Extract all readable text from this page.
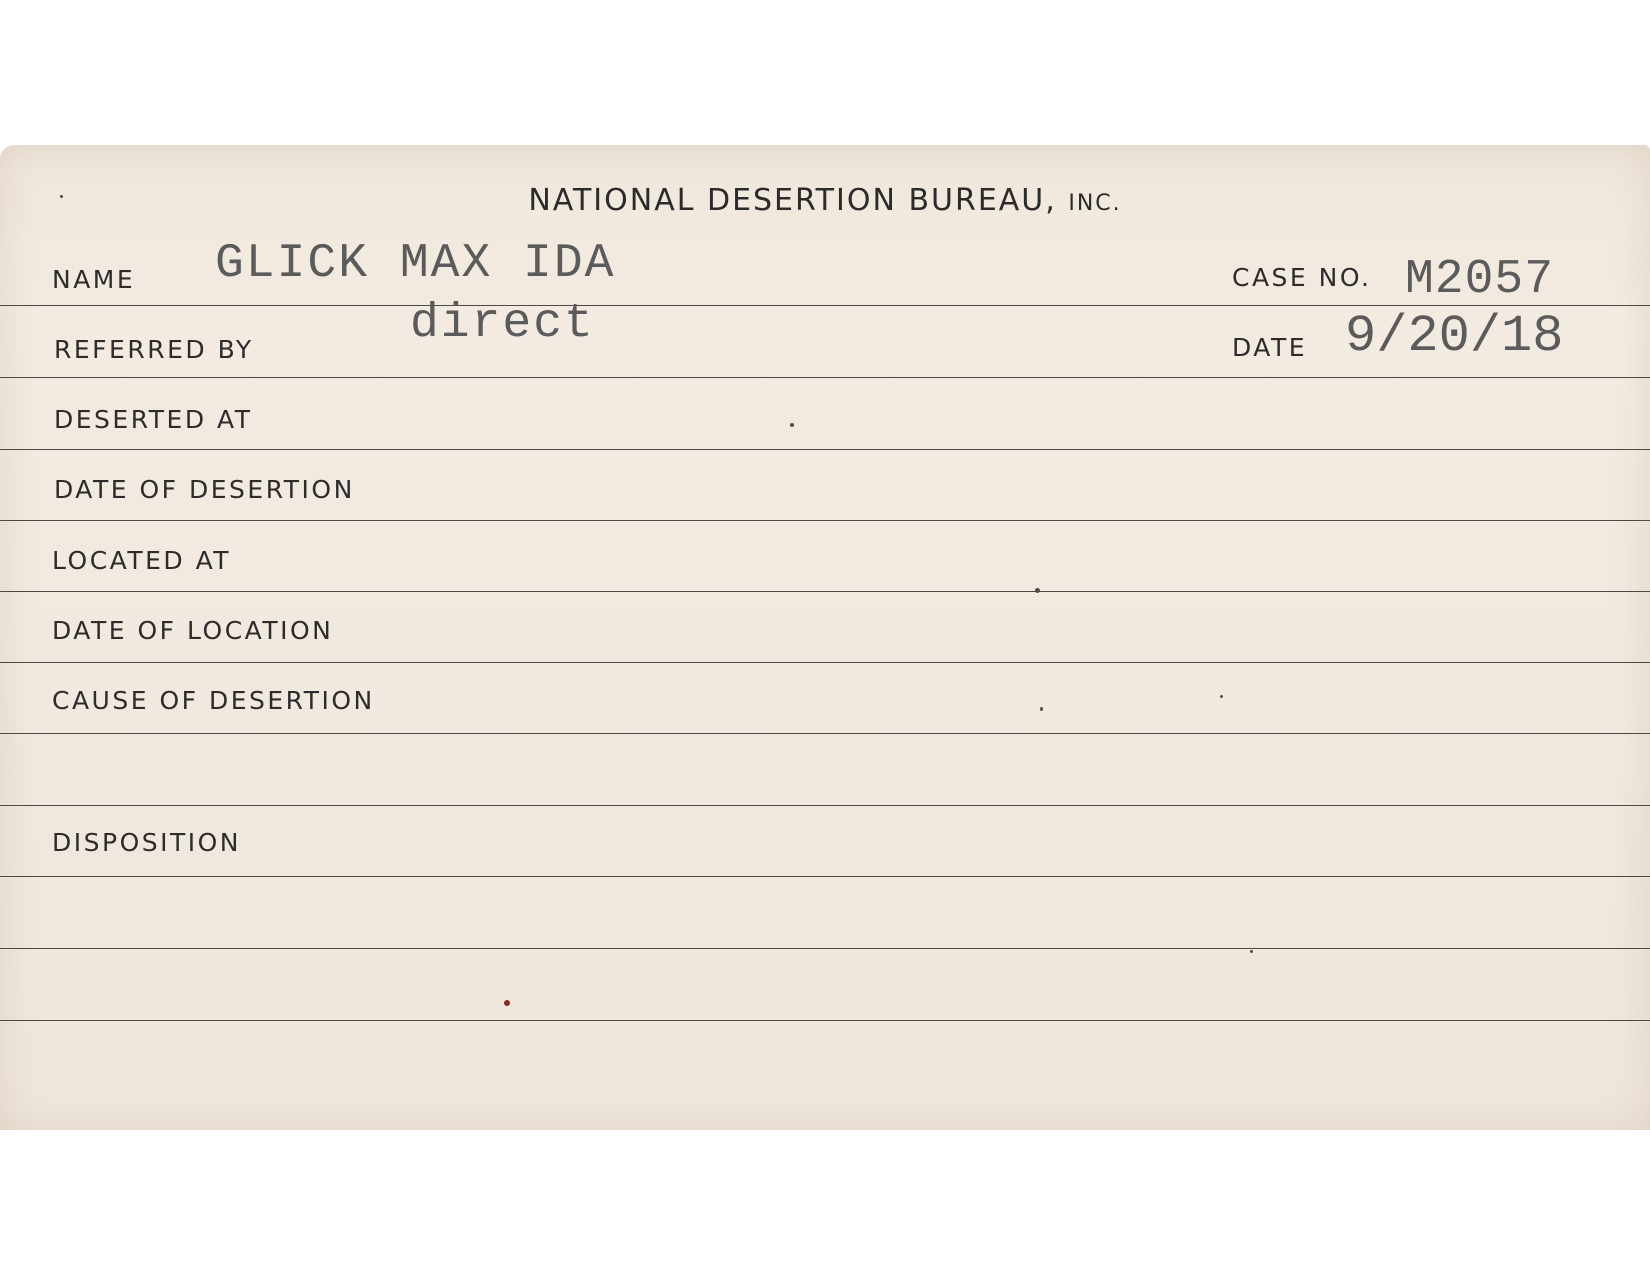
NATIONAL DESERTION BUREAU, INC.
NAME GLICK MAX IDA	CASE NO. M2057
REFERRED BY	direct	DATE 9/20/18
DESERTED AT
DATE OF DESERTION
LOCATED AT
DATE OF LOCATION
CAUSE OF DESERTION
DISPOSITION
